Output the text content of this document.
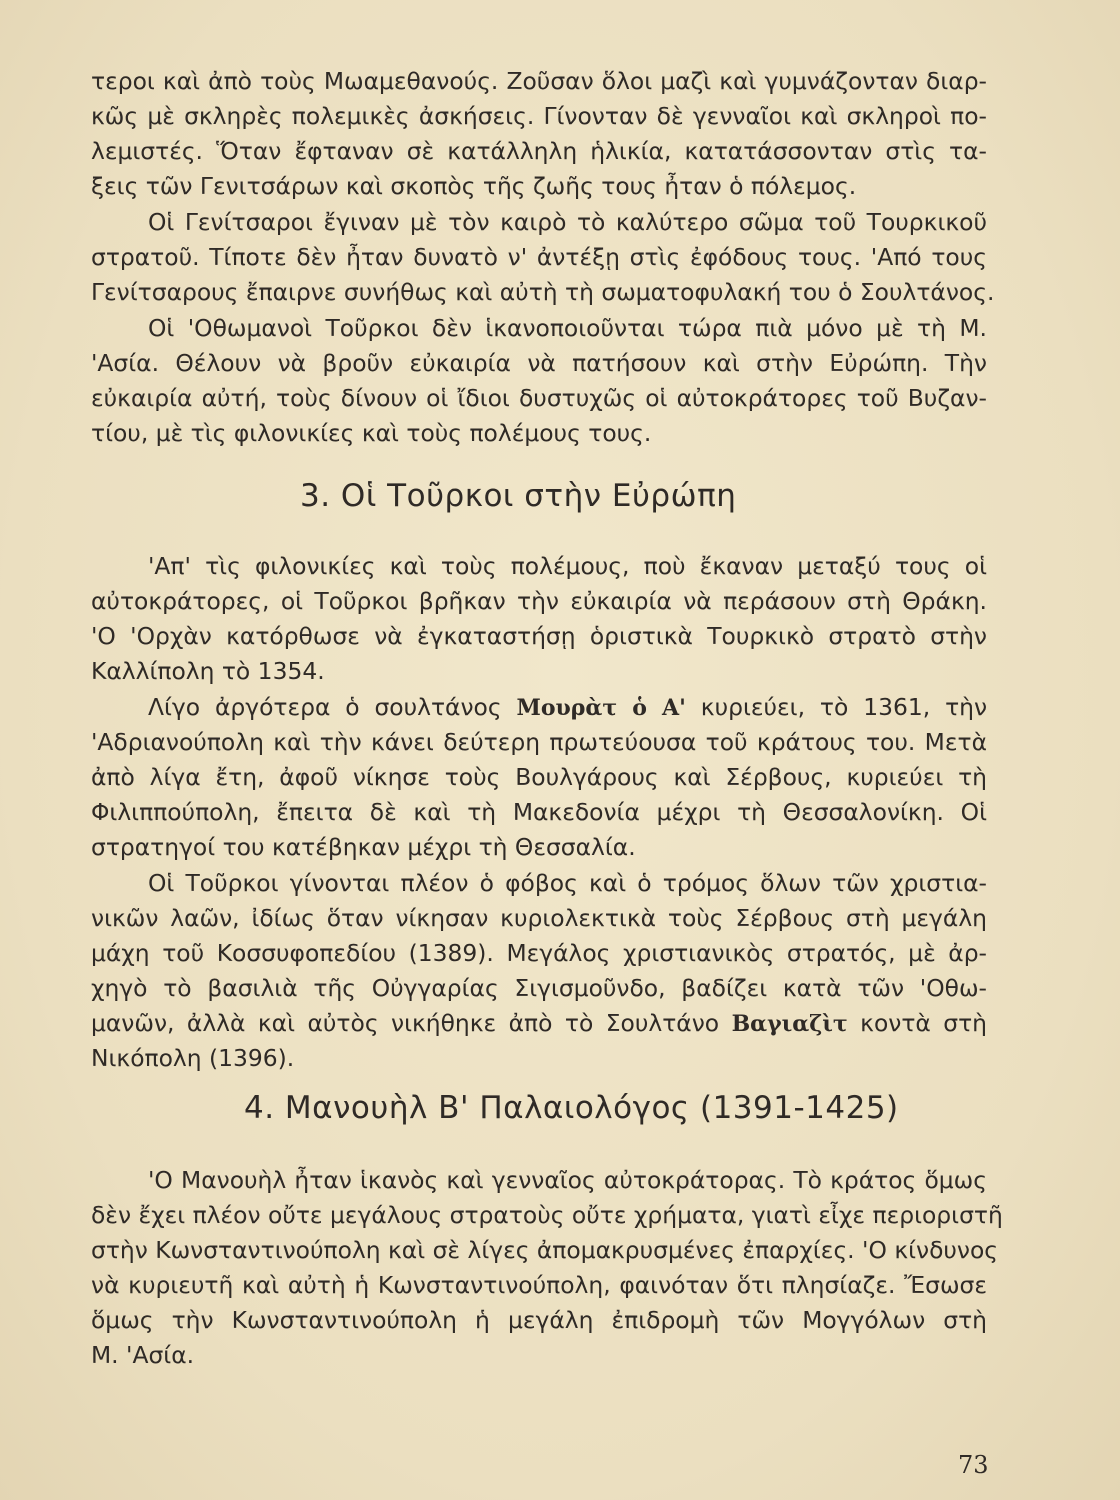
τεροι καὶ ἀπὸ τοὺς Μωαμεθανούς. Ζοῦσαν ὅλοι μαζὶ καὶ γυμνάζονταν διαρ-
κῶς μὲ σκληρὲς πολεμικὲς ἀσκήσεις. Γίνονταν δὲ γενναῖοι καὶ σκληροὶ πο-
λεμιστές. Ὅταν ἔφταναν σὲ κατάλληλη ἡλικία, κατατάσσονταν στὶς τα-
ξεις τῶν Γενιτσάρων καὶ σκοπὸς τῆς ζωῆς τους ἦταν ὁ πόλεμος.
Οἱ Γενίτσαροι ἔγιναν μὲ τὸν καιρὸ τὸ καλύτερο σῶμα τοῦ Τουρκικοῦ
στρατοῦ. Τίποτε δὲν ἦταν δυνατὸ ν' ἀντέξῃ στὶς ἐφόδους τους. 'Από τους
Γενίτσαρους ἔπαιρνε συνήθως καὶ αὐτὴ τὴ σωματοφυλακή του ὁ Σουλτάνος.
Οἱ 'Οθωμανοὶ Τοῦρκοι δὲν ἱκανοποιοῦνται τώρα πιὰ μόνο μὲ τὴ Μ.
'Ασία. Θέλουν νὰ βροῦν εὐκαιρία νὰ πατήσουν καὶ στὴν Εὐρώπη. Τὴν
εὐκαιρία αὐτή, τοὺς δίνουν οἱ ἴδιοι δυστυχῶς οἱ αὐτοκράτορες τοῦ Βυζαν-
τίου, μὲ τὶς φιλονικίες καὶ τοὺς πολέμους τους.
3. Οἱ Τοῦρκοι στὴν Εὐρώπη
'Απ' τὶς φιλονικίες καὶ τοὺς πολέμους, ποὺ ἔκαναν μεταξύ τους οἱ
αὐτοκράτορες, οἱ Τοῦρκοι βρῆκαν τὴν εὐκαιρία νὰ περάσουν στὴ Θράκη.
'Ο 'Ορχὰν κατόρθωσε νὰ ἐγκαταστήσῃ ὁριστικὰ Τουρκικὸ στρατὸ στὴν
Καλλίπολη τὸ 1354.
Λίγο ἀργότερα ὁ σουλτάνος Μουρὰτ ὁ Α' κυριεύει, τὸ 1361, τὴν
'Αδριανούπολη καὶ τὴν κάνει δεύτερη πρωτεύουσα τοῦ κράτους του. Μετὰ
ἀπὸ λίγα ἔτη, ἀφοῦ νίκησε τοὺς Βουλγάρους καὶ Σέρβους, κυριεύει τὴ
Φιλιππούπολη, ἔπειτα δὲ καὶ τὴ Μακεδονία μέχρι τὴ Θεσσαλονίκη. Οἱ
στρατηγοί του κατέβηκαν μέχρι τὴ Θεσσαλία.
Οἱ Τοῦρκοι γίνονται πλέον ὁ φόβος καὶ ὁ τρόμος ὅλων τῶν χριστια-
νικῶν λαῶν, ἰδίως ὅταν νίκησαν κυριολεκτικὰ τοὺς Σέρβους στὴ μεγάλη
μάχη τοῦ Κοσσυφοπεδίου (1389). Μεγάλος χριστιανικὸς στρατός, μὲ ἀρ-
χηγὸ τὸ βασιλιὰ τῆς Οὐγγαρίας Σιγισμοῦνδο, βαδίζει κατὰ τῶν 'Οθω-
μανῶν, ἀλλὰ καὶ αὐτὸς νικήθηκε ἀπὸ τὸ Σουλτάνο Βαγιαζὶτ κοντὰ στὴ
Νικόπολη (1396).
4. Μανουὴλ Β' Παλαιολόγος (1391-1425)
'Ο Μανουὴλ ἦταν ἱκανὸς καὶ γενναῖος αὐτοκράτορας. Τὸ κράτος ὅμως
δὲν ἔχει πλέον οὔτε μεγάλους στρατοὺς οὔτε χρήματα, γιατὶ εἶχε περιοριστῆ
στὴν Κωνσταντινούπολη καὶ σὲ λίγες ἀπομακρυσμένες ἐπαρχίες. 'Ο κίνδυνος
νὰ κυριευτῆ καὶ αὐτὴ ἡ Κωνσταντινούπολη, φαινόταν ὅτι πλησίαζε. Ἔσωσε
ὅμως τὴν Κωνσταντινούπολη ἡ μεγάλη ἐπιδρομὴ τῶν Μογγόλων στὴ
Μ. 'Ασία.
73
